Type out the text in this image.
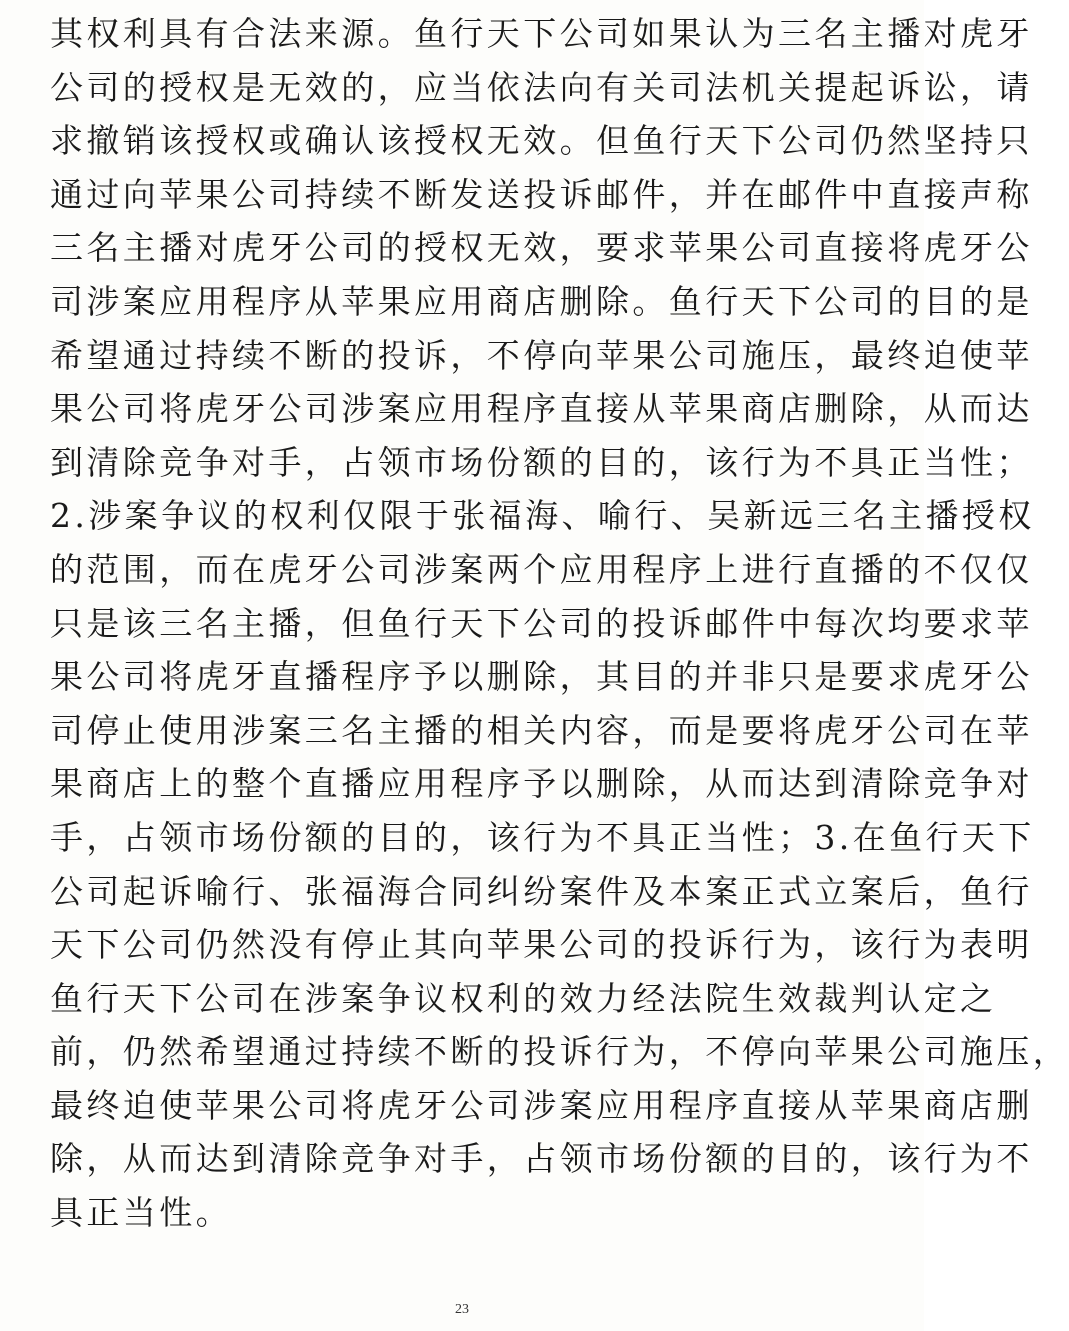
其权利具有合法来源。鱼行天下公司如果认为三名主播对虎牙
公司的授权是无效的，应当依法向有关司法机关提起诉讼，请
求撤销该授权或确认该授权无效。但鱼行天下公司仍然坚持只
通过向苹果公司持续不断发送投诉邮件，并在邮件中直接声称
三名主播对虎牙公司的授权无效，要求苹果公司直接将虎牙公
司涉案应用程序从苹果应用商店删除。鱼行天下公司的目的是
希望通过持续不断的投诉，不停向苹果公司施压，最终迫使苹
果公司将虎牙公司涉案应用程序直接从苹果商店删除，从而达
到清除竞争对手，占领市场份额的目的，该行为不具正当性；
2.涉案争议的权利仅限于张福海、喻行、吴新远三名主播授权
的范围，而在虎牙公司涉案两个应用程序上进行直播的不仅仅
只是该三名主播，但鱼行天下公司的投诉邮件中每次均要求苹
果公司将虎牙直播程序予以删除，其目的并非只是要求虎牙公
司停止使用涉案三名主播的相关内容，而是要将虎牙公司在苹
果商店上的整个直播应用程序予以删除，从而达到清除竞争对
手，占领市场份额的目的，该行为不具正当性；3.在鱼行天下
公司起诉喻行、张福海合同纠纷案件及本案正式立案后，鱼行
天下公司仍然没有停止其向苹果公司的投诉行为，该行为表明
鱼行天下公司在涉案争议权利的效力经法院生效裁判认定之
前，仍然希望通过持续不断的投诉行为，不停向苹果公司施压，
最终迫使苹果公司将虎牙公司涉案应用程序直接从苹果商店删
除，从而达到清除竞争对手，占领市场份额的目的，该行为不
具正当性。

23
